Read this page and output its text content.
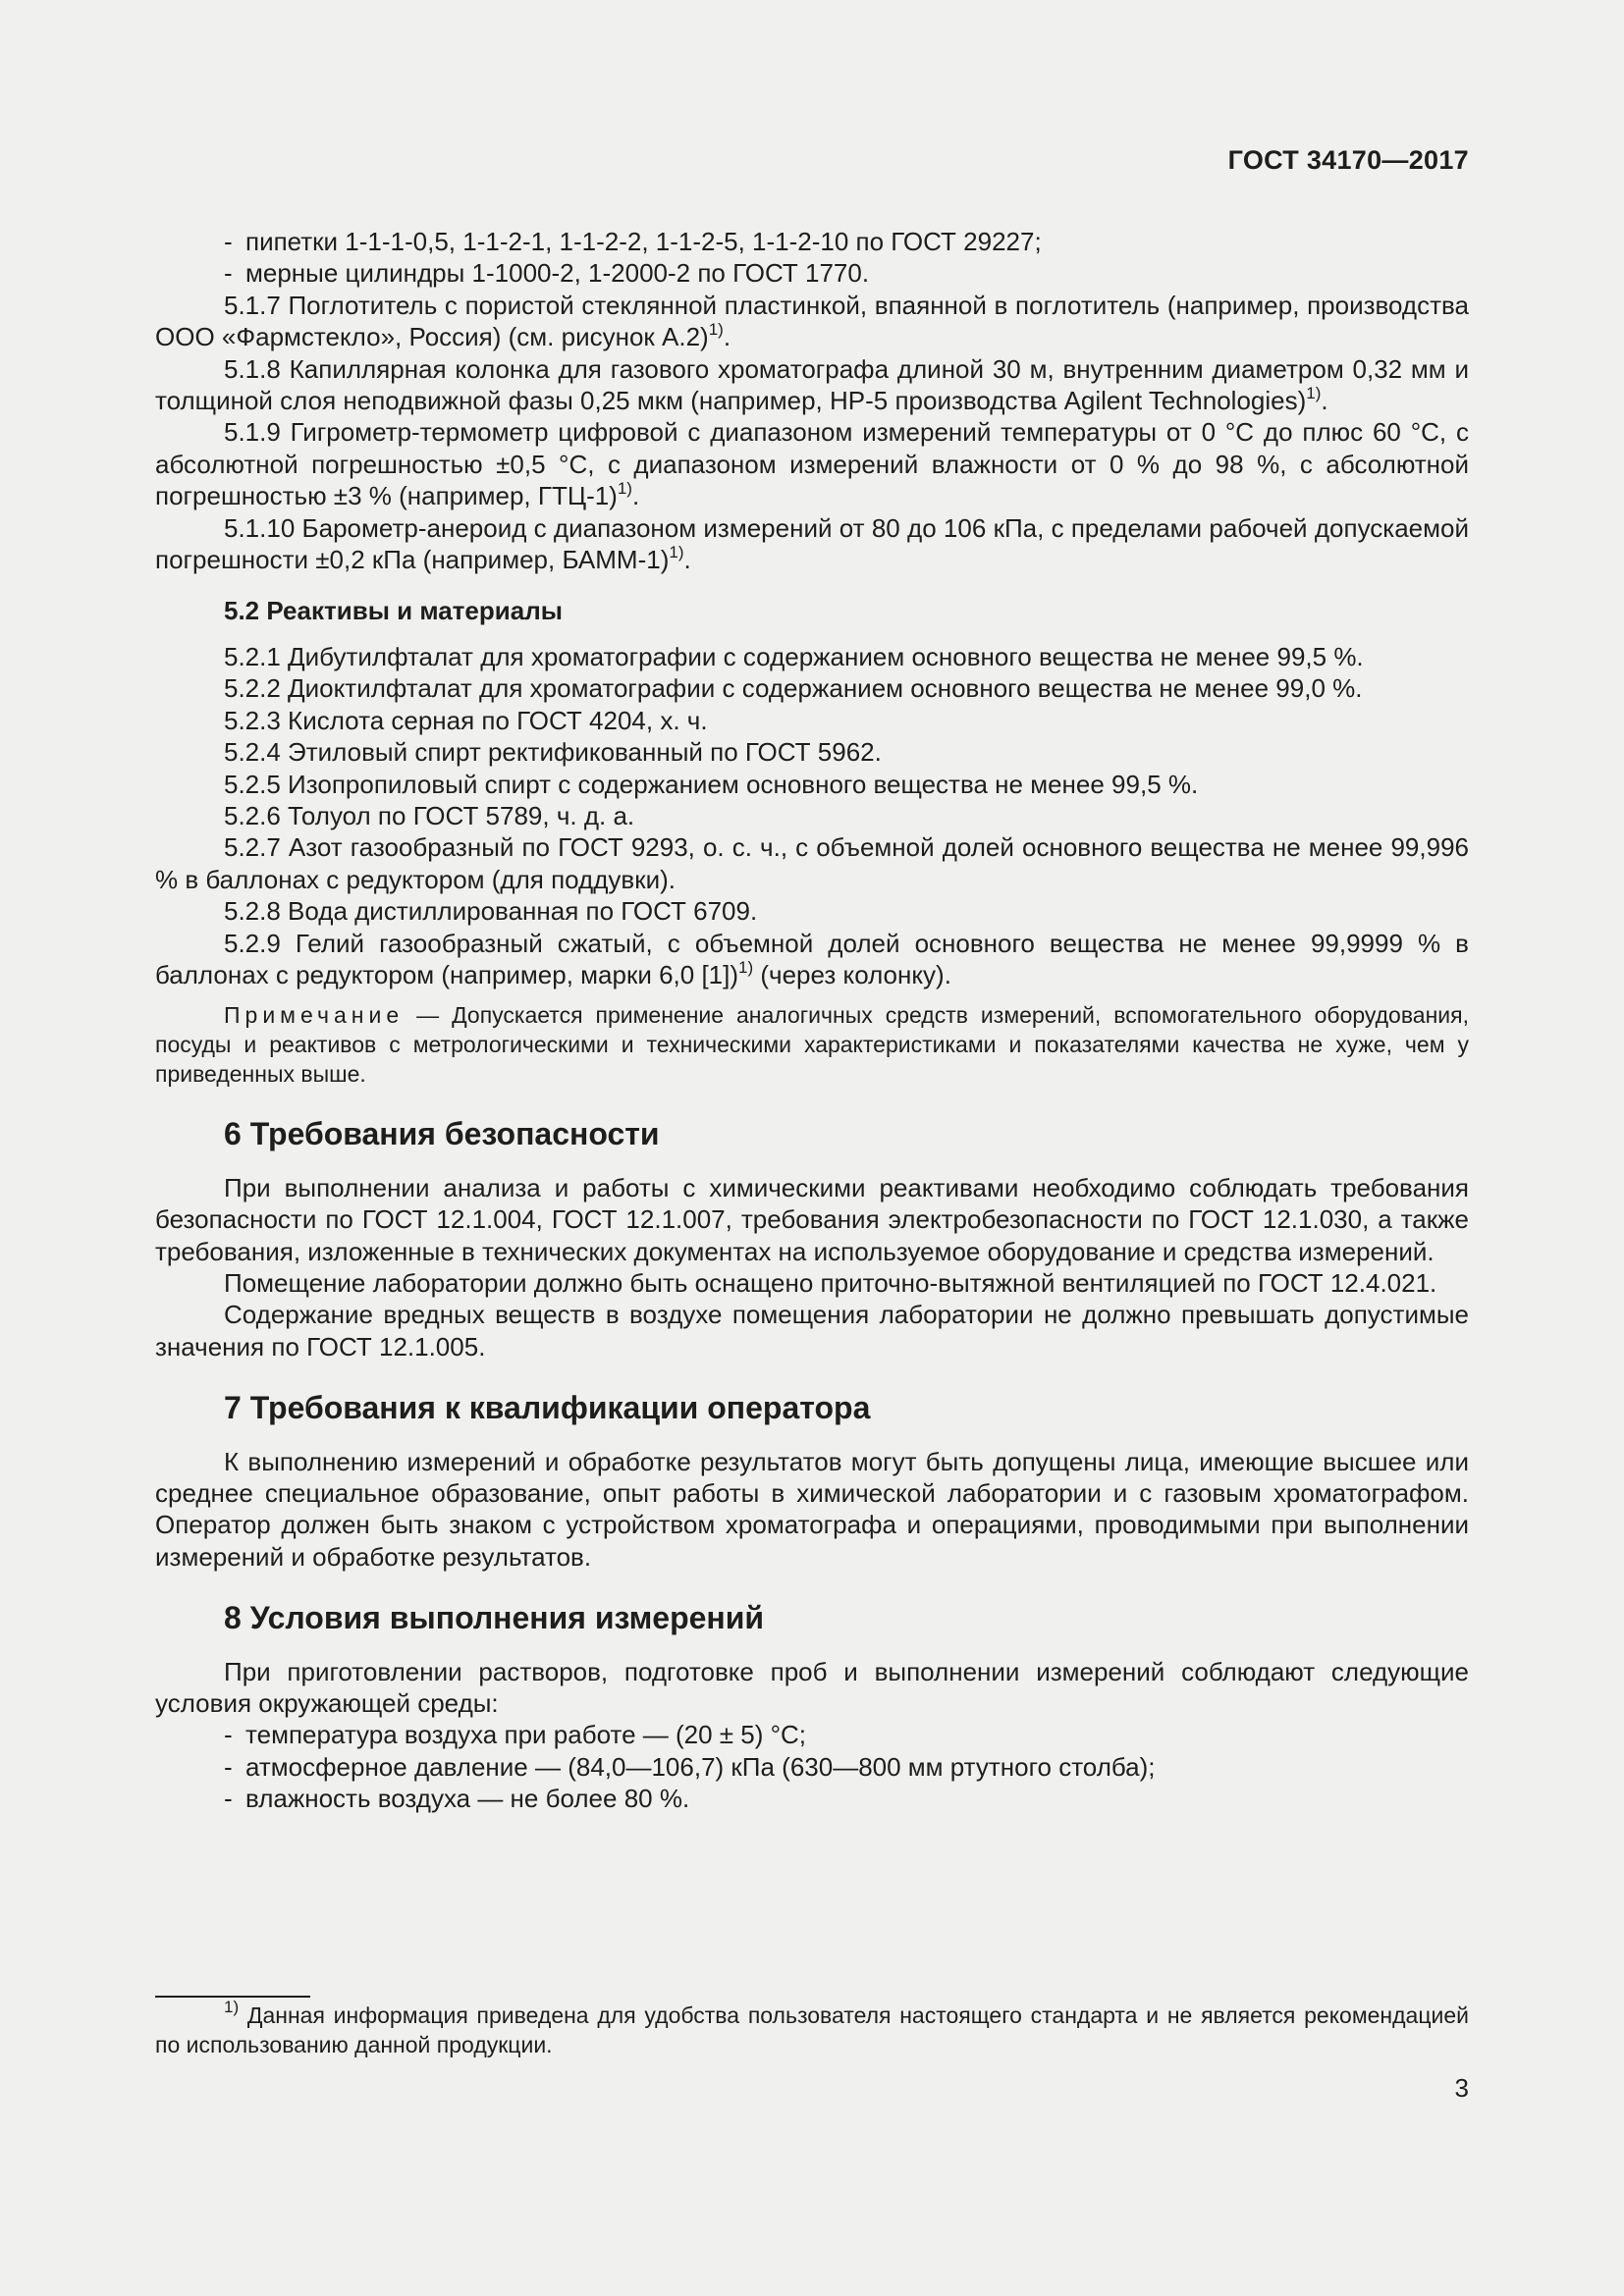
ГОСТ 34170—2017

- пипетки 1-1-1-0,5, 1-1-2-1, 1-1-2-2, 1-1-2-5, 1-1-2-10 по ГОСТ 29227;

- мерные цилиндры 1-1000-2, 1-2000-2 по ГОСТ 1770.

5.1.7 Поглотитель с пористой стеклянной пластинкой, впаянной в поглотитель (например, производства ООО «Фармстекло», Россия) (см. рисунок А.2)$^{1)}$.

5.1.8 Капиллярная колонка для газового хроматографа длиной 30 м, внутренним диаметром 0,32 мм и толщиной слоя неподвижной фазы 0,25 мкм (например, HP-5 производства Agilent Technologies)$^{1)}$.

5.1.9 Гигрометр-термометр цифровой с диапазоном измерений температуры от 0 °С до плюс 60 °С, с абсолютной погрешностью ±0,5 °С, с диапазоном измерений влажности от 0 % до 98 %, с абсолютной погрешностью ±3 % (например, ГТЦ-1)$^{1)}$.

5.1.10 Барометр-анероид с диапазоном измерений от 80 до 106 кПа, с пределами рабочей допускаемой погрешности ±0,2 кПа (например, БАММ-1)$^{1)}$.

5.2 Реактивы и материалы

5.2.1 Дибутилфталат для хроматографии с содержанием основного вещества не менее 99,5 %.

5.2.2 Диоктилфталат для хроматографии с содержанием основного вещества не менее 99,0 %.

5.2.3 Кислота серная по ГОСТ 4204, х. ч.

5.2.4 Этиловый спирт ректификованный по ГОСТ 5962.

5.2.5 Изопропиловый спирт с содержанием основного вещества не менее 99,5 %.

5.2.6 Толуол по ГОСТ 5789, ч. д. а.

5.2.7 Азот газообразный по ГОСТ 9293, о. с. ч., с объемной долей основного вещества не менее 99,996 % в баллонах с редуктором (для поддувки).

5.2.8 Вода дистиллированная по ГОСТ 6709.

5.2.9 Гелий газообразный сжатый, с объемной долей основного вещества не менее 99,9999 % в баллонах с редуктором (например, марки 6,0 [1])$^{1)}$ (через колонку).

Примечание — Допускается применение аналогичных средств измерений, вспомогательного оборудования, посуды и реактивов с метрологическими и техническими характеристиками и показателями качества не хуже, чем у приведенных выше.

6 Требования безопасности

При выполнении анализа и работы с химическими реактивами необходимо соблюдать требования безопасности по ГОСТ 12.1.004, ГОСТ 12.1.007, требования электробезопасности по ГОСТ 12.1.030, а также требования, изложенные в технических документах на используемое оборудование и средства измерений.

Помещение лаборатории должно быть оснащено приточно-вытяжной вентиляцией по ГОСТ 12.4.021.

Содержание вредных веществ в воздухе помещения лаборатории не должно превышать допустимые значения по ГОСТ 12.1.005.

7 Требования к квалификации оператора

К выполнению измерений и обработке результатов могут быть допущены лица, имеющие высшее или среднее специальное образование, опыт работы в химической лаборатории и с газовым хроматографом. Оператор должен быть знаком с устройством хроматографа и операциями, проводимыми при выполнении измерений и обработке результатов.

8 Условия выполнения измерений

При приготовлении растворов, подготовке проб и выполнении измерений соблюдают следующие условия окружающей среды:

- температура воздуха при работе — (20 ± 5) °С;

- атмосферное давление — (84,0—106,7) кПа (630—800 мм ртутного столба);

- влажность воздуха — не более 80 %.

$^{1)}$ Данная информация приведена для удобства пользователя настоящего стандарта и не является рекомендацией по использованию данной продукции.
3
